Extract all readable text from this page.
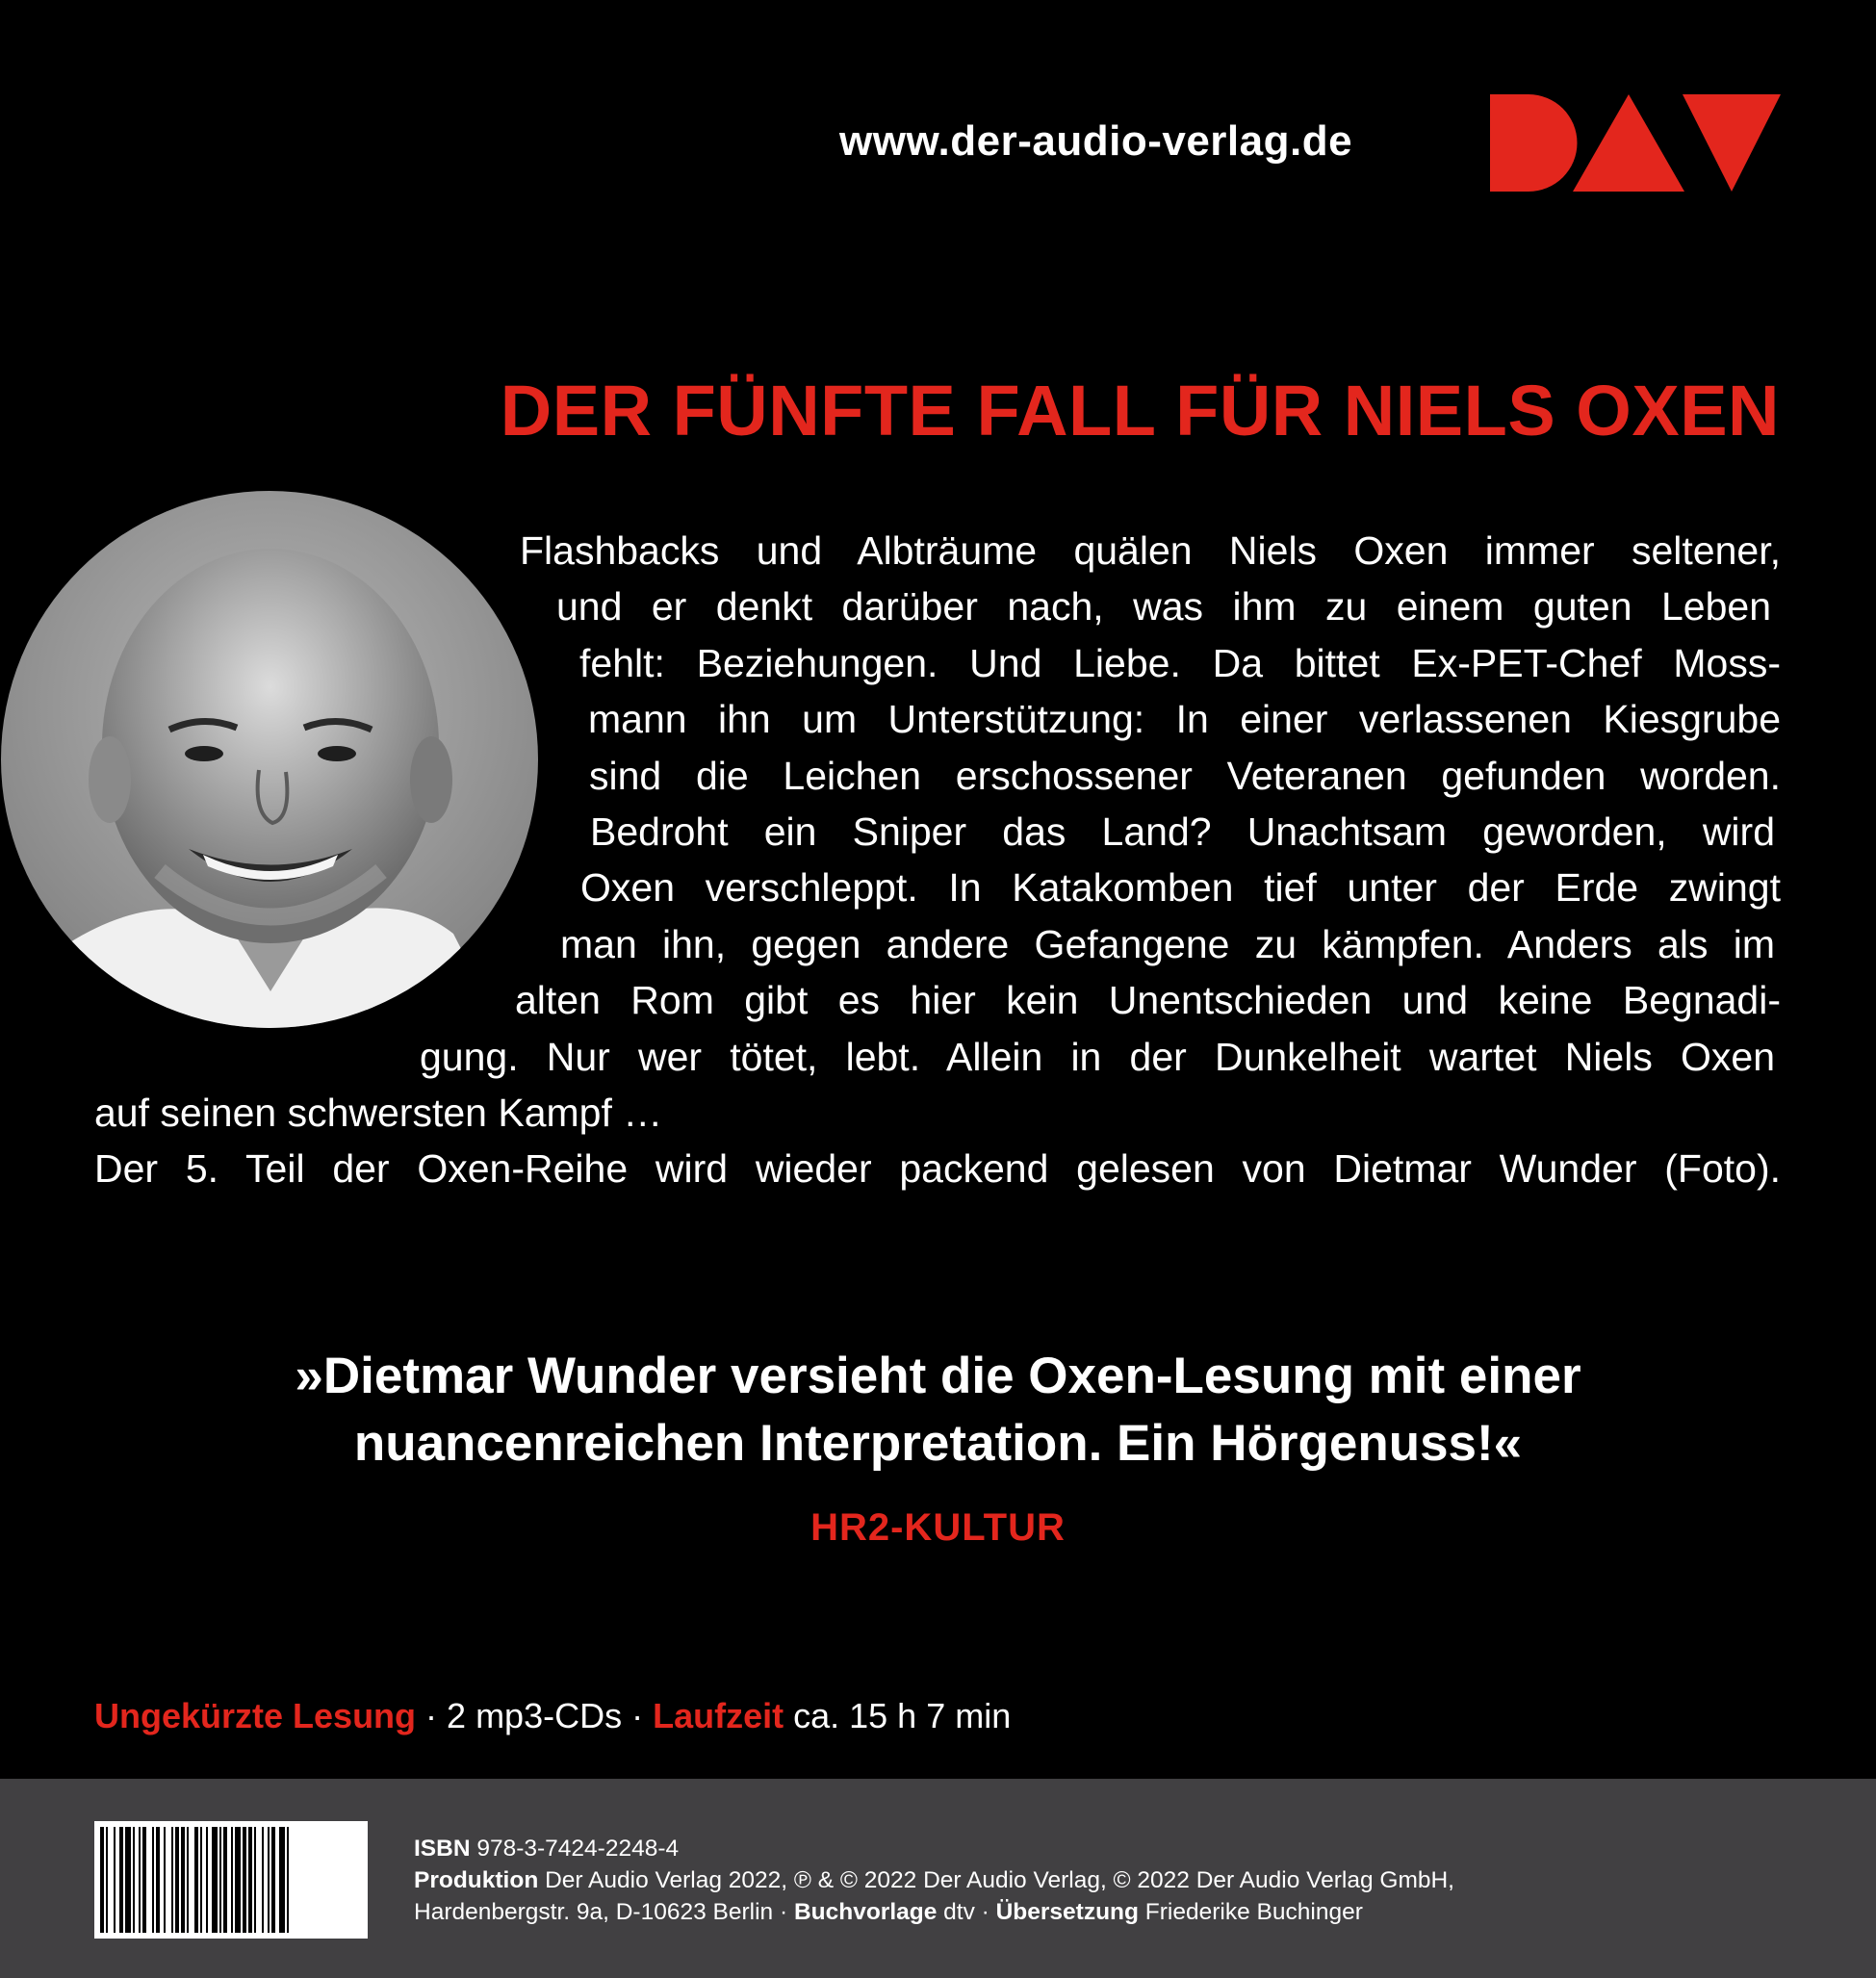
www.der-audio-verlag.de
DER FÜNFTE FALL FÜR NIELS OXEN
Flashbacks und Albträume quälen Niels Oxen immer seltener,
und er denkt darüber nach, was ihm zu einem guten Leben
fehlt: Beziehungen. Und Liebe. Da bittet Ex-PET-Chef Moss-
mann ihn um Unterstützung: In einer verlassenen Kiesgrube
sind die Leichen erschossener Veteranen gefunden worden.
Bedroht ein Sniper das Land? Unachtsam geworden, wird
Oxen verschleppt. In Katakomben tief unter der Erde zwingt
man ihn, gegen andere Gefangene zu kämpfen. Anders als im
alten Rom gibt es hier kein Unentschieden und keine Begnadi-
gung. Nur wer tötet, lebt. Allein in der Dunkelheit wartet Niels Oxen
auf seinen schwersten Kampf …
Der 5. Teil der Oxen-Reihe wird wieder packend gelesen von Dietmar Wunder (Foto).
»Dietmar Wunder versieht die Oxen-Lesung mit einer
nuancenreichen Interpretation. Ein Hörgenuss!«
HR2-KULTUR
Ungekürzte Lesung · 2 mp3-CDs · Laufzeit ca. 15 h 7 min
ISBN 978-3-7424-2248-4
Produktion Der Audio Verlag 2022, ℗ & © 2022 Der Audio Verlag, © 2022 Der Audio Verlag GmbH,
Hardenbergstr. 9a, D-10623 Berlin · Buchvorlage dtv · Übersetzung Friederike Buchinger
